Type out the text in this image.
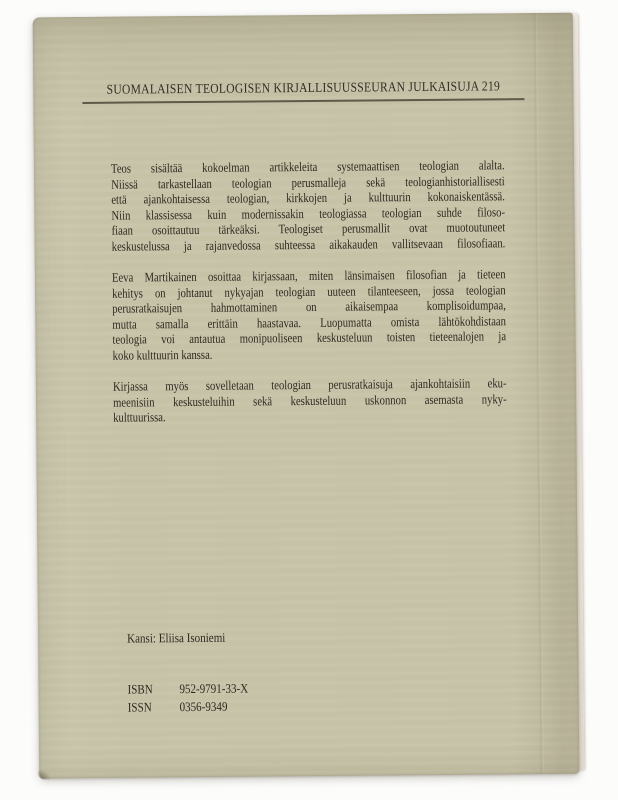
SUOMALAISEN TEOLOGISEN KIRJALLISUUSSEURAN JULKAISUJA 219
Teos sisältää kokoelman artikkeleita systemaattisen teologian alalta.
Niissä tarkastellaan teologian perusmalleja sekä teologianhistoriallisesti
että ajankohtaisessa teologian, kirkkojen ja kulttuurin kokonaiskentässä.
Niin klassisessa kuin modernissakin teologiassa teologian suhde filoso-
fiaan osoittautuu tärkeäksi. Teologiset perusmallit ovat muotoutuneet
keskustelussa ja rajanvedossa suhteessa aikakauden vallitsevaan filosofiaan.
Eeva Martikainen osoittaa kirjassaan, miten länsimaisen filosofian ja tieteen
kehitys on johtanut nykyajan teologian uuteen tilanteeseen, jossa teologian
perusratkaisujen hahmottaminen on aikaisempaa komplisoidumpaa,
mutta samalla erittäin haastavaa. Luopumatta omista lähtökohdistaan
teologia voi antautua monipuoliseen keskusteluun toisten tieteenalojen ja
koko kulttuurin kanssa.
Kirjassa myös sovelletaan teologian perusratkaisuja ajankohtaisiin eku-
meenisiin keskusteluihin sekä keskusteluun uskonnon asemasta nyky-
kulttuurissa.
Kansi: Eliisa Isoniemi
ISBN	952-9791-33-X
ISSN	0356-9349
